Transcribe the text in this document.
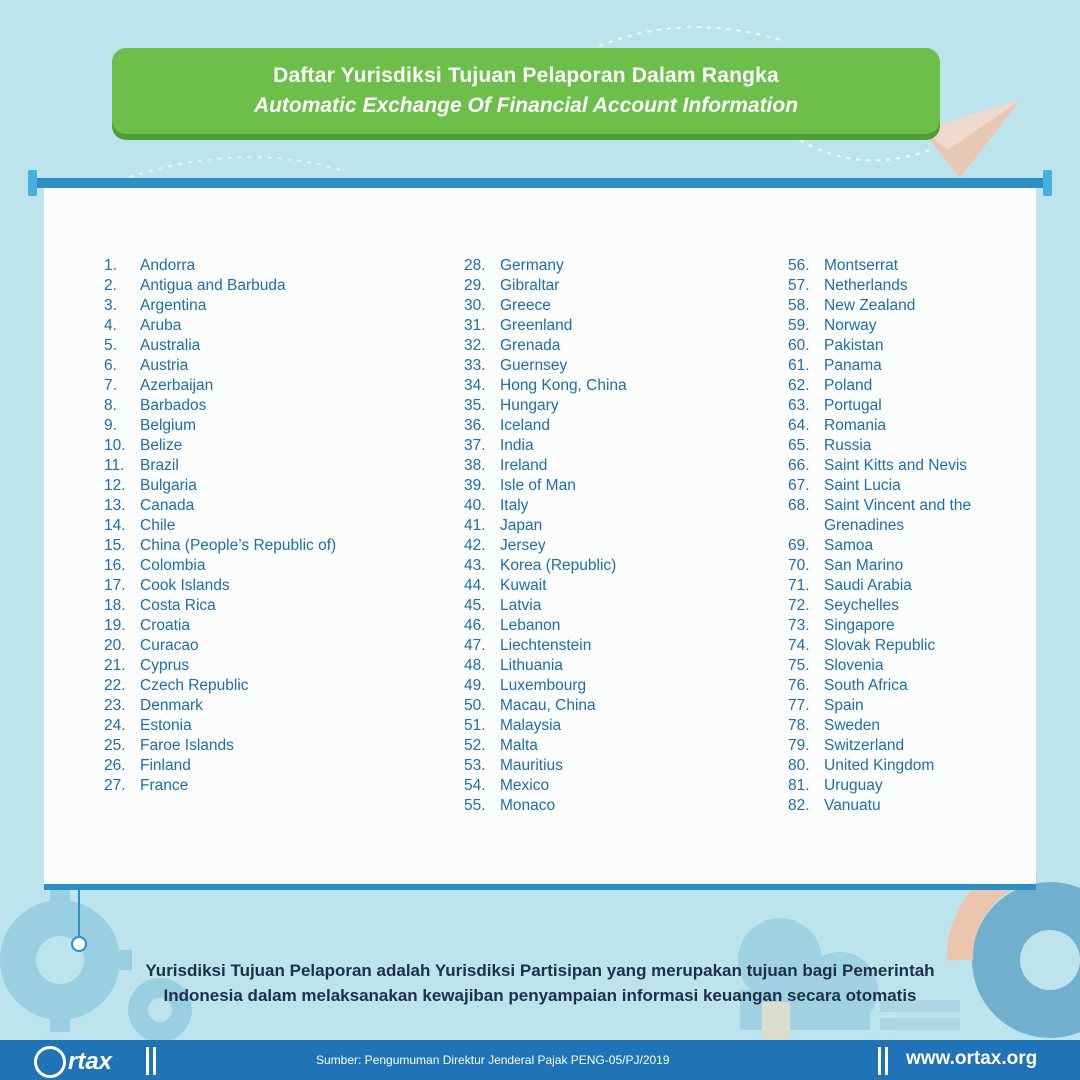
Daftar Yurisdiksi Tujuan Pelaporan Dalam Rangka
Automatic Exchange Of Financial Account Information
1.	Andorra
2.	Antigua and Barbuda
3.	Argentina
4.	Aruba
5.	Australia
6.	Austria
7.	Azerbaijan
8.	Barbados
9.	Belgium
10. Belize
11.	Brazil
12. Bulgaria
13. Canada
14. Chile
15. China (People’s Republic of)
16. Colombia
17. Cook Islands
18. Costa Rica
19. Croatia
20. Curacao
21. Cyprus
22. Czech Republic
23. Denmark
24. Estonia
25. Faroe Islands
26. Finland
27. France
28. Germany
29. Gibraltar
30. Greece
31. Greenland
32. Grenada
33. Guernsey
34. Hong Kong, China
35. Hungary
36. Iceland
37. India
38. Ireland
39. Isle of Man
40. Italy
41. Japan
42. Jersey
43. Korea (Republic)
44. Kuwait
45. Latvia
46. Lebanon
47. Liechtenstein
48. Lithuania
49. Luxembourg
50. Macau, China
51. Malaysia
52. Malta
53. Mauritius
54. Mexico
55. Monaco
56. Montserrat
57. Netherlands
58. New Zealand
59. Norway
60. Pakistan
61. Panama
62. Poland
63. Portugal
64. Romania
65. Russia
66. Saint Kitts and Nevis
67. Saint Lucia
68. Saint Vincent and the Grenadines
69. Samoa
70. San Marino
71. Saudi Arabia
72. Seychelles
73. Singapore
74. Slovak Republic
75. Slovenia
76. South Africa
77. Spain
78. Sweden
79. Switzerland
80. United Kingdom
81. Uruguay
82. Vanuatu
Yurisdiksi Tujuan Pelaporan adalah Yurisdiksi Partisipan yang merupakan tujuan bagi Pemerintah
Indonesia dalam melaksanakan kewajiban penyampaian informasi keuangan secara otomatis
rtax	Sumber: Pengumuman Direktur Jenderal Pajak PENG-05/PJ/2019	www.ortax.org
